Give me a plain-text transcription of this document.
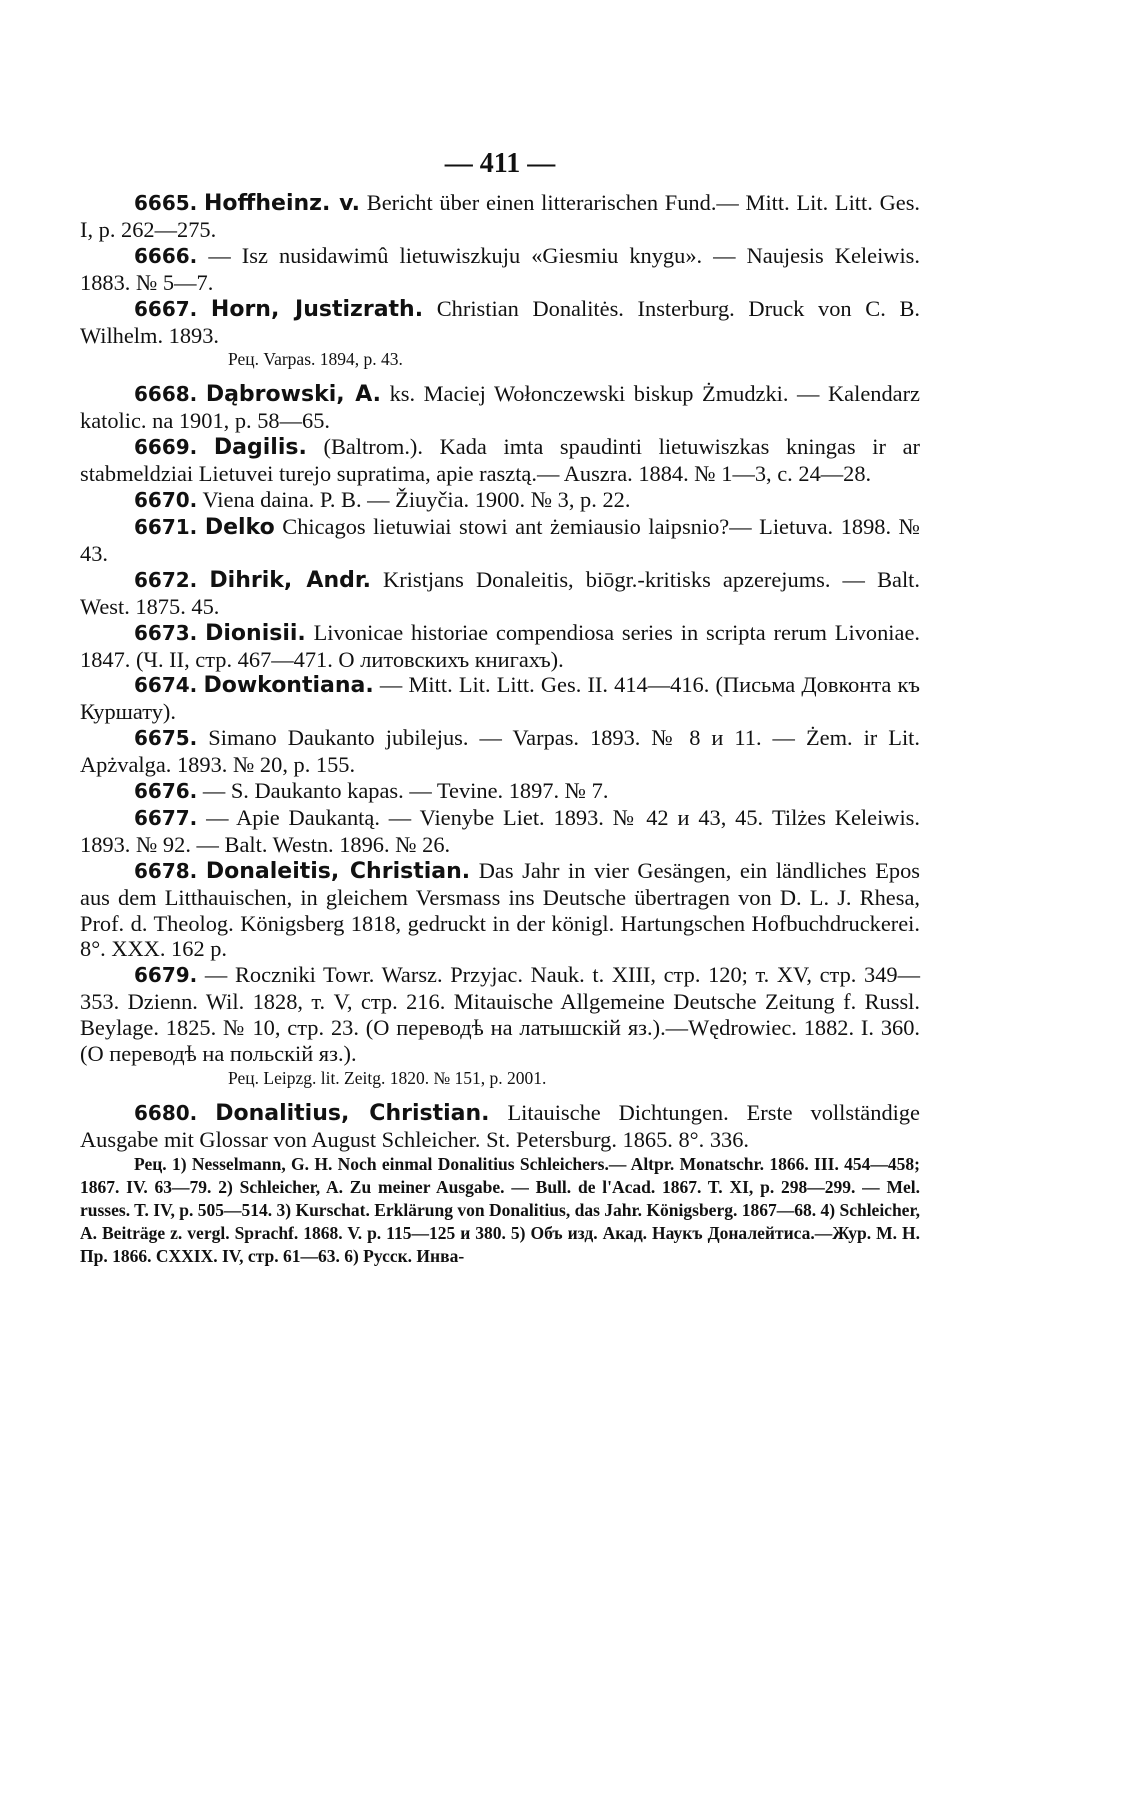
— 411 —

6665. Hoffheinz. v. Bericht über einen litterarischen Fund.— Mitt. Lit. Litt. Ges. I, p. 262—275.

6666. — Isz nusidawimû lietuwiszkuju «Giesmiu knygu». — Naujesis Keleiwis. 1883. № 5—7.

6667. Horn, Justizrath. Christian Donalitės. Insterburg. Druck von C. B. Wilhelm. 1893.

Рец. Varpas. 1894, p. 43.

6668. Dąbrowski, A. ks. Maciej Wołonczewski biskup Żmudzki. — Kalendarz katolic. na 1901, p. 58—65.

6669. Dagilis. (Baltrom.). Kada imta spaudinti lietuwiszkas kningas ir ar stabmeldziai Lietuvei turejo supratima, apie rasztą.— Auszra. 1884. № 1—3, c. 24—28.

6670. Viena daina. P. B. — Žiuyčia. 1900. № 3, p. 22.

6671. Delko Chicagos lietuwiai stowi ant żemiausio laipsnio?— Lietuva. 1898. № 43.

6672. Dihrik, Andr. Kristjans Donaleitis, biōgr.-kritisks apzerejums. — Balt. West. 1875. 45.

6673. Dionisii. Livonicae historiae compendiosa series in scripta rerum Livoniae. 1847. (Ч. II, стр. 467—471. О литовскихъ книгахъ).

6674. Dowkontiana. — Mitt. Lit. Litt. Ges. II. 414—416. (Письма Довконта къ Куршату).

6675. Simano Daukanto jubilejus. — Varpas. 1893. № 8 и 11. — Żem. ir Lit. Apżvalga. 1893. № 20, p. 155.

6676. — S. Daukanto kapas. — Tevine. 1897. № 7.

6677. — Apie Daukantą. — Vienybe Liet. 1893. № 42 и 43, 45. Tilżes Keleiwis. 1893. № 92. — Balt. Westn. 1896. № 26.

6678. Donaleitis, Christian. Das Jahr in vier Gesängen, ein ländliches Epos aus dem Litthauischen, in gleichem Versmass ins Deutsche übertragen von D. L. J. Rhesa, Prof. d. Theolog. Königsberg 1818, gedruckt in der königl. Hartungschen Hofbuchdruckerei. 8°. XXX. 162 p.

6679. — Roczniki Towr. Warsz. Przyjac. Nauk. t. XIII, стр. 120; т. XV, стр. 349—353. Dzienn. Wil. 1828, т. V, стр. 216. Mitauische Allgemeine Deutsche Zeitung f. Russl. Beylage. 1825. № 10, стр. 23. (О переводѣ на латышскій яз.).—Wędrowiec. 1882. I. 360. (О переводѣ на польскій яз.).

Рец. Leipzg. lit. Zeitg. 1820. № 151, p. 2001.

6680. Donalitius, Christian. Litauische Dichtungen. Erste vollständige Ausgabe mit Glossar von August Schleicher. St. Petersburg. 1865. 8°. 336.

Рец. 1) Nesselmann, G. H. Noch einmal Donalitius Schleichers.— Altpr. Monatschr. 1866. III. 454—458; 1867. IV. 63—79. 2) Schleicher, A. Zu meiner Ausgabe. — Bull. de l'Acad. 1867. T. XI, p. 298—299. — Mel. russes. T. IV, p. 505—514. 3) Kurschat. Erklärung von Donalitius, das Jahr. Königsberg. 1867—68. 4) Schleicher, A. Beiträge z. vergl. Sprachf. 1868. V. p. 115—125 и 380. 5) Объ изд. Акад. Наукъ Доналейтиса.—Жур. М. Н. Пр. 1866. CXXIX. IV, стр. 61—63. 6) Русск. Инва-
